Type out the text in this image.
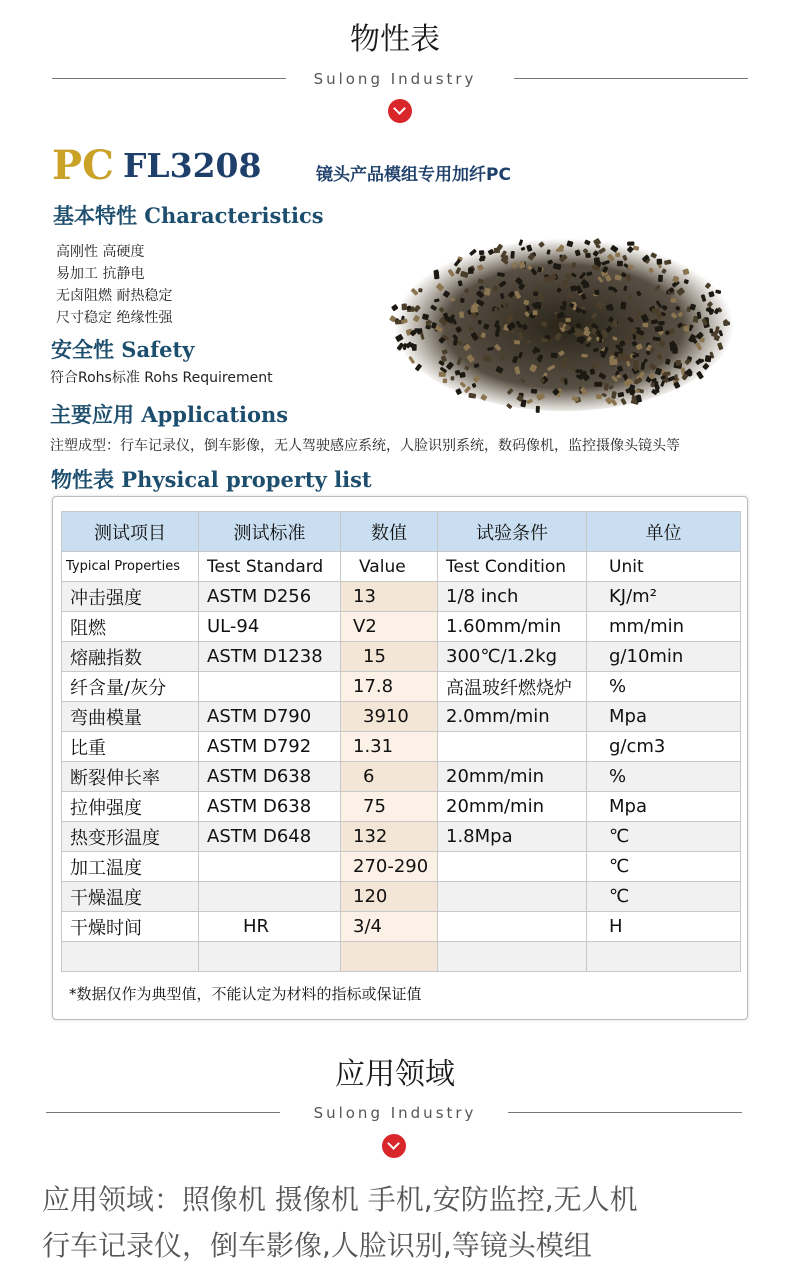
物性表
Sulong Industry
PC FL3208	镜头产品模组专用加纤PC
基本特性 Characteristics
高刚性 高硬度
易加工 抗静电
无卤阻燃 耐热稳定
尺寸稳定 绝缘性强
安全性 Safety
符合Rohs标准 Rohs Requirement
主要应用 Applications
注塑成型：行车记录仪，倒车影像，无人驾驶感应系统，人脸识别系统，数码像机，监控摄像头镜头等
物性表 Physical property list
测试项目	测试标准	数值	试验条件	单位
Typical Properties	Test Standard	Value	Test Condition	Unit
冲击强度	ASTM D256	13	1/8 inch	KJ/m²
阻燃	UL-94	V2	1.60mm/min	mm/min
熔融指数	ASTM D1238	15	300℃/1.2kg	g/10min
纤含量/灰分		17.8	高温玻纤燃烧炉	%
弯曲模量	ASTM D790	3910	2.0mm/min	Mpa
比重	ASTM D792	1.31		g/cm3
断裂伸长率	ASTM D638	6	20mm/min	%
拉伸强度	ASTM D638	75	20mm/min	Mpa
热变形温度	ASTM D648	132	1.8Mpa	℃
加工温度		270-290		℃
干燥温度		120		℃
干燥时间	HR	3/4		H

*数据仅作为典型值，不能认定为材料的指标或保证值
应用领域
Sulong Industry
应用领域：照像机 摄像机 手机,安防监控,无人机
行车记录仪，倒车影像,人脸识别,等镜头模组
